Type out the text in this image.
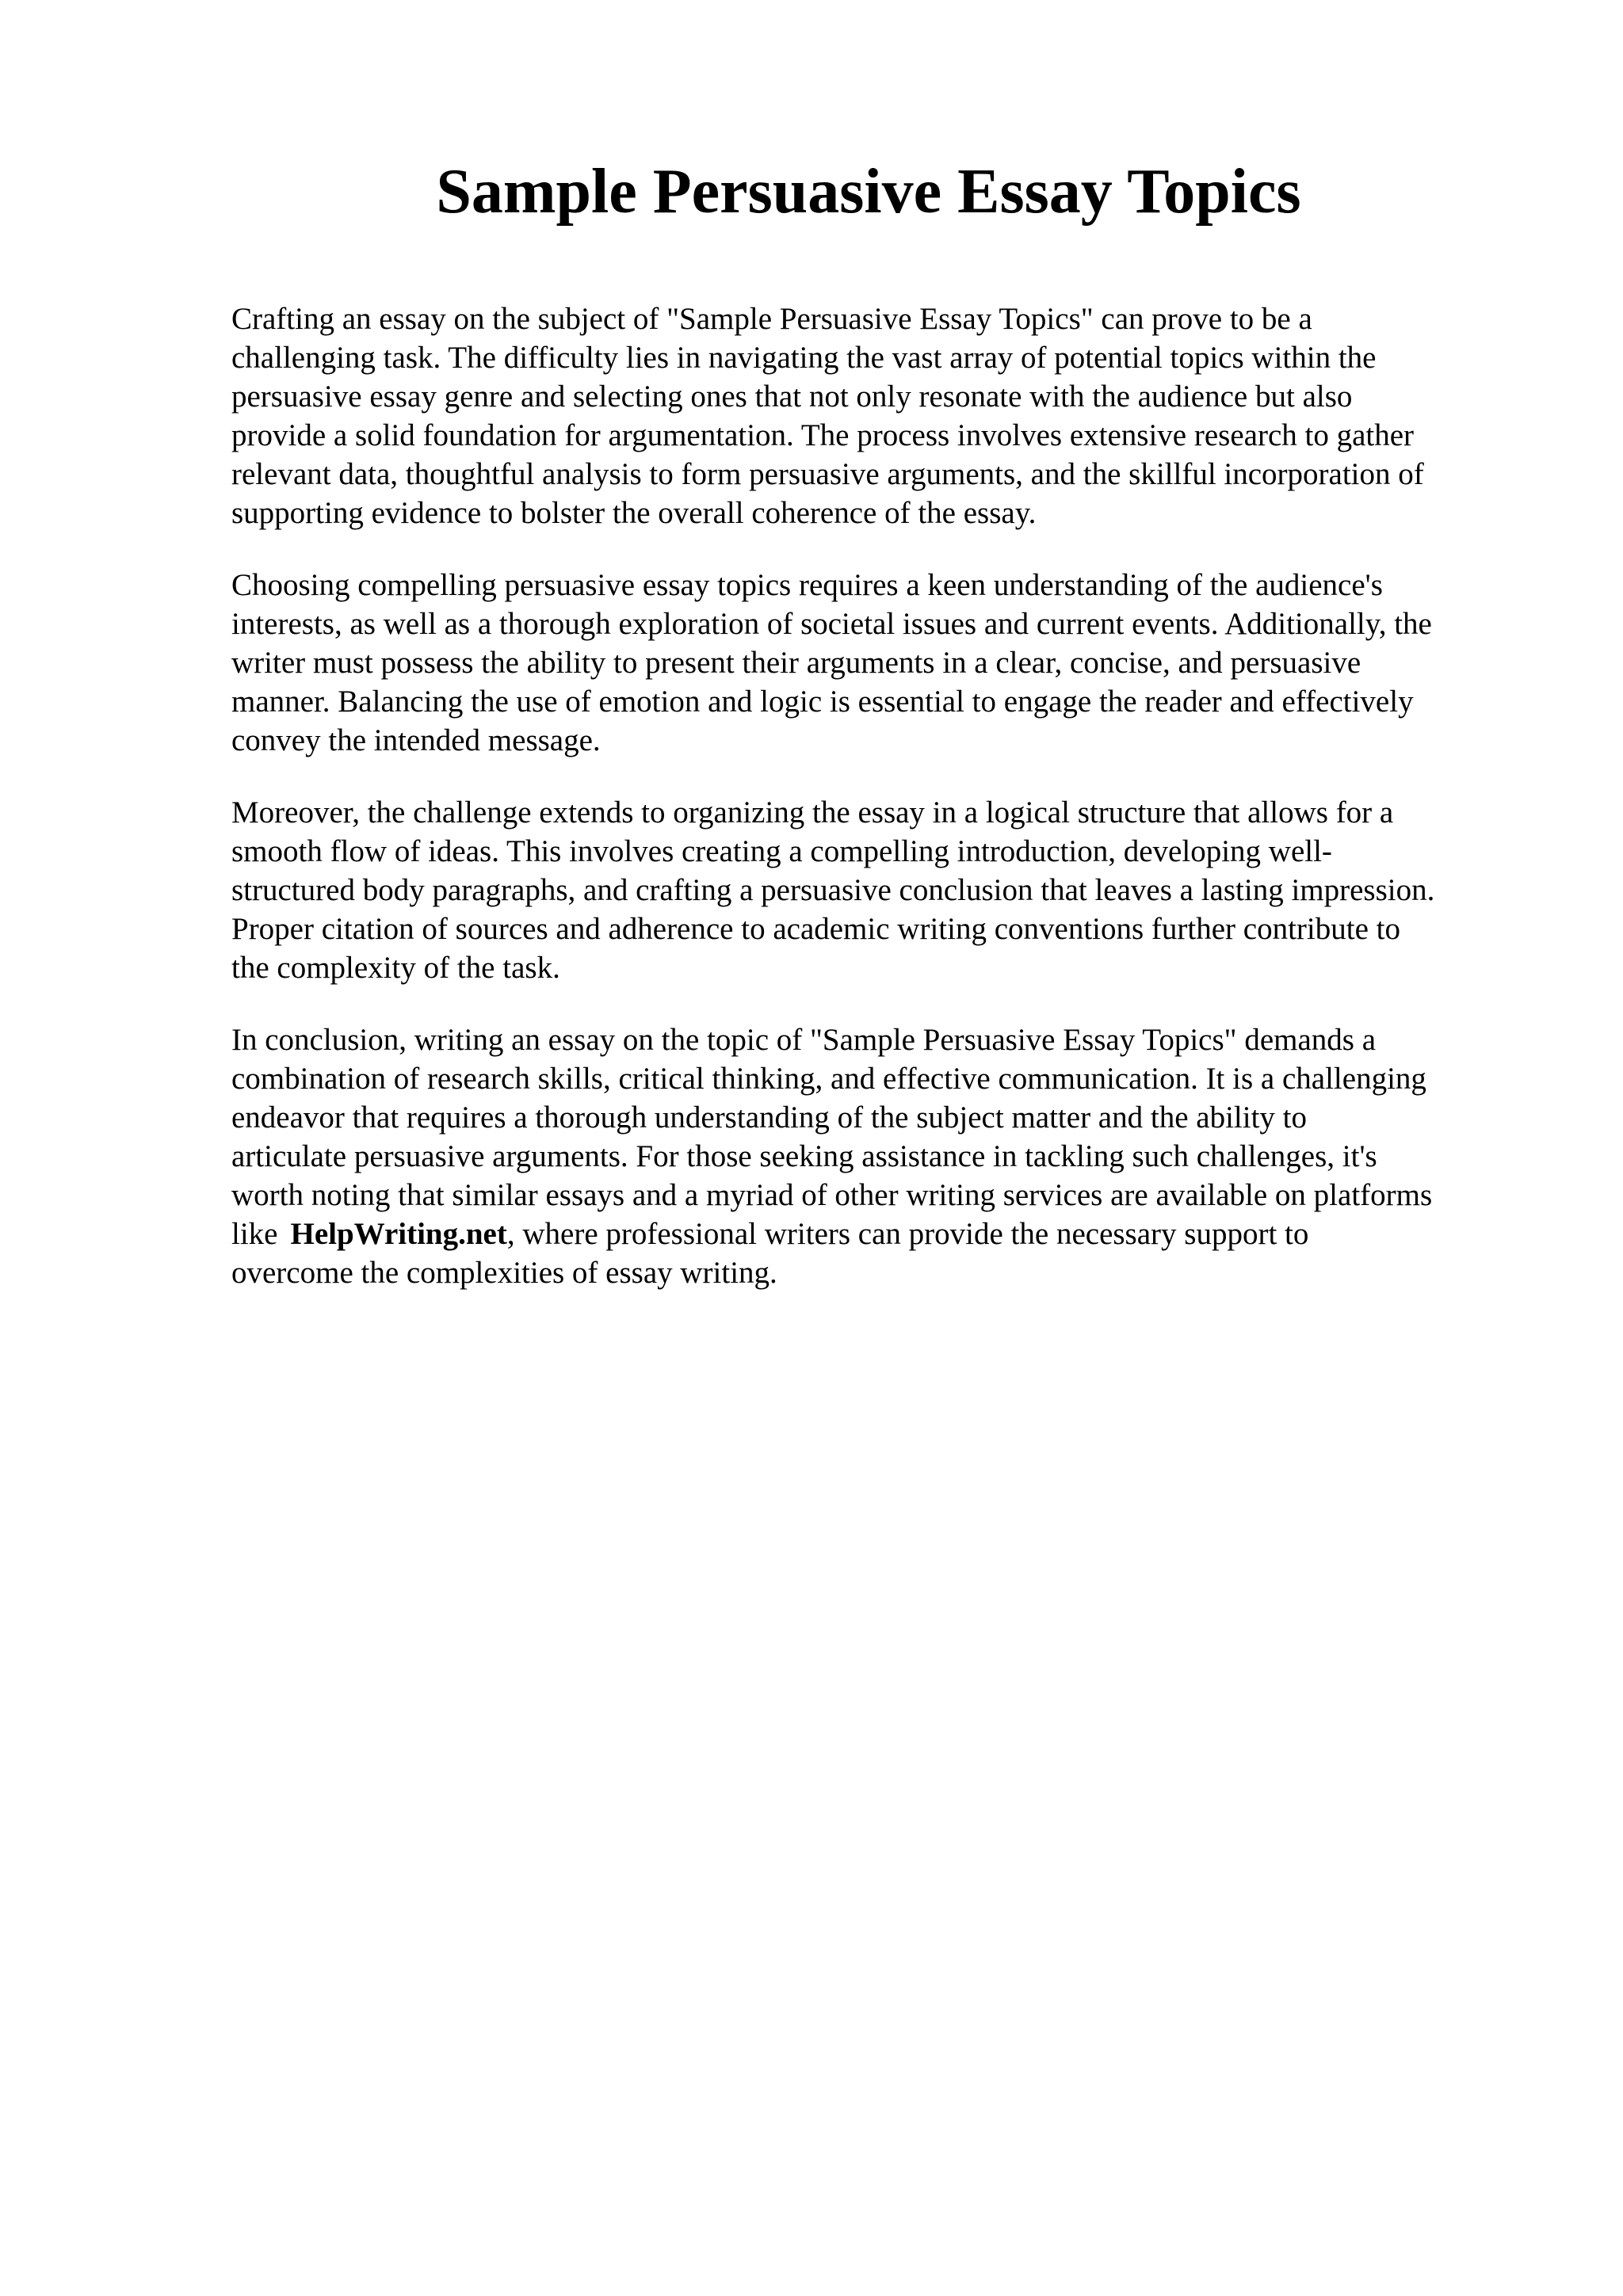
Sample Persuasive Essay Topics

Crafting an essay on the subject of "Sample Persuasive Essay Topics" can prove to be a
challenging task. The difficulty lies in navigating the vast array of potential topics within the
persuasive essay genre and selecting ones that not only resonate with the audience but also
provide a solid foundation for argumentation. The process involves extensive research to gather
relevant data, thoughtful analysis to form persuasive arguments, and the skillful incorporation of
supporting evidence to bolster the overall coherence of the essay.

Choosing compelling persuasive essay topics requires a keen understanding of the audience's
interests, as well as a thorough exploration of societal issues and current events. Additionally, the
writer must possess the ability to present their arguments in a clear, concise, and persuasive
manner. Balancing the use of emotion and logic is essential to engage the reader and effectively
convey the intended message.

Moreover, the challenge extends to organizing the essay in a logical structure that allows for a
smooth flow of ideas. This involves creating a compelling introduction, developing well-
structured body paragraphs, and crafting a persuasive conclusion that leaves a lasting impression.
Proper citation of sources and adherence to academic writing conventions further contribute to
the complexity of the task.

In conclusion, writing an essay on the topic of "Sample Persuasive Essay Topics" demands a
combination of research skills, critical thinking, and effective communication. It is a challenging
endeavor that requires a thorough understanding of the subject matter and the ability to
articulate persuasive arguments. For those seeking assistance in tackling such challenges, it's
worth noting that similar essays and a myriad of other writing services are available on platforms
like HelpWriting.net, where professional writers can provide the necessary support to
overcome the complexities of essay writing.
